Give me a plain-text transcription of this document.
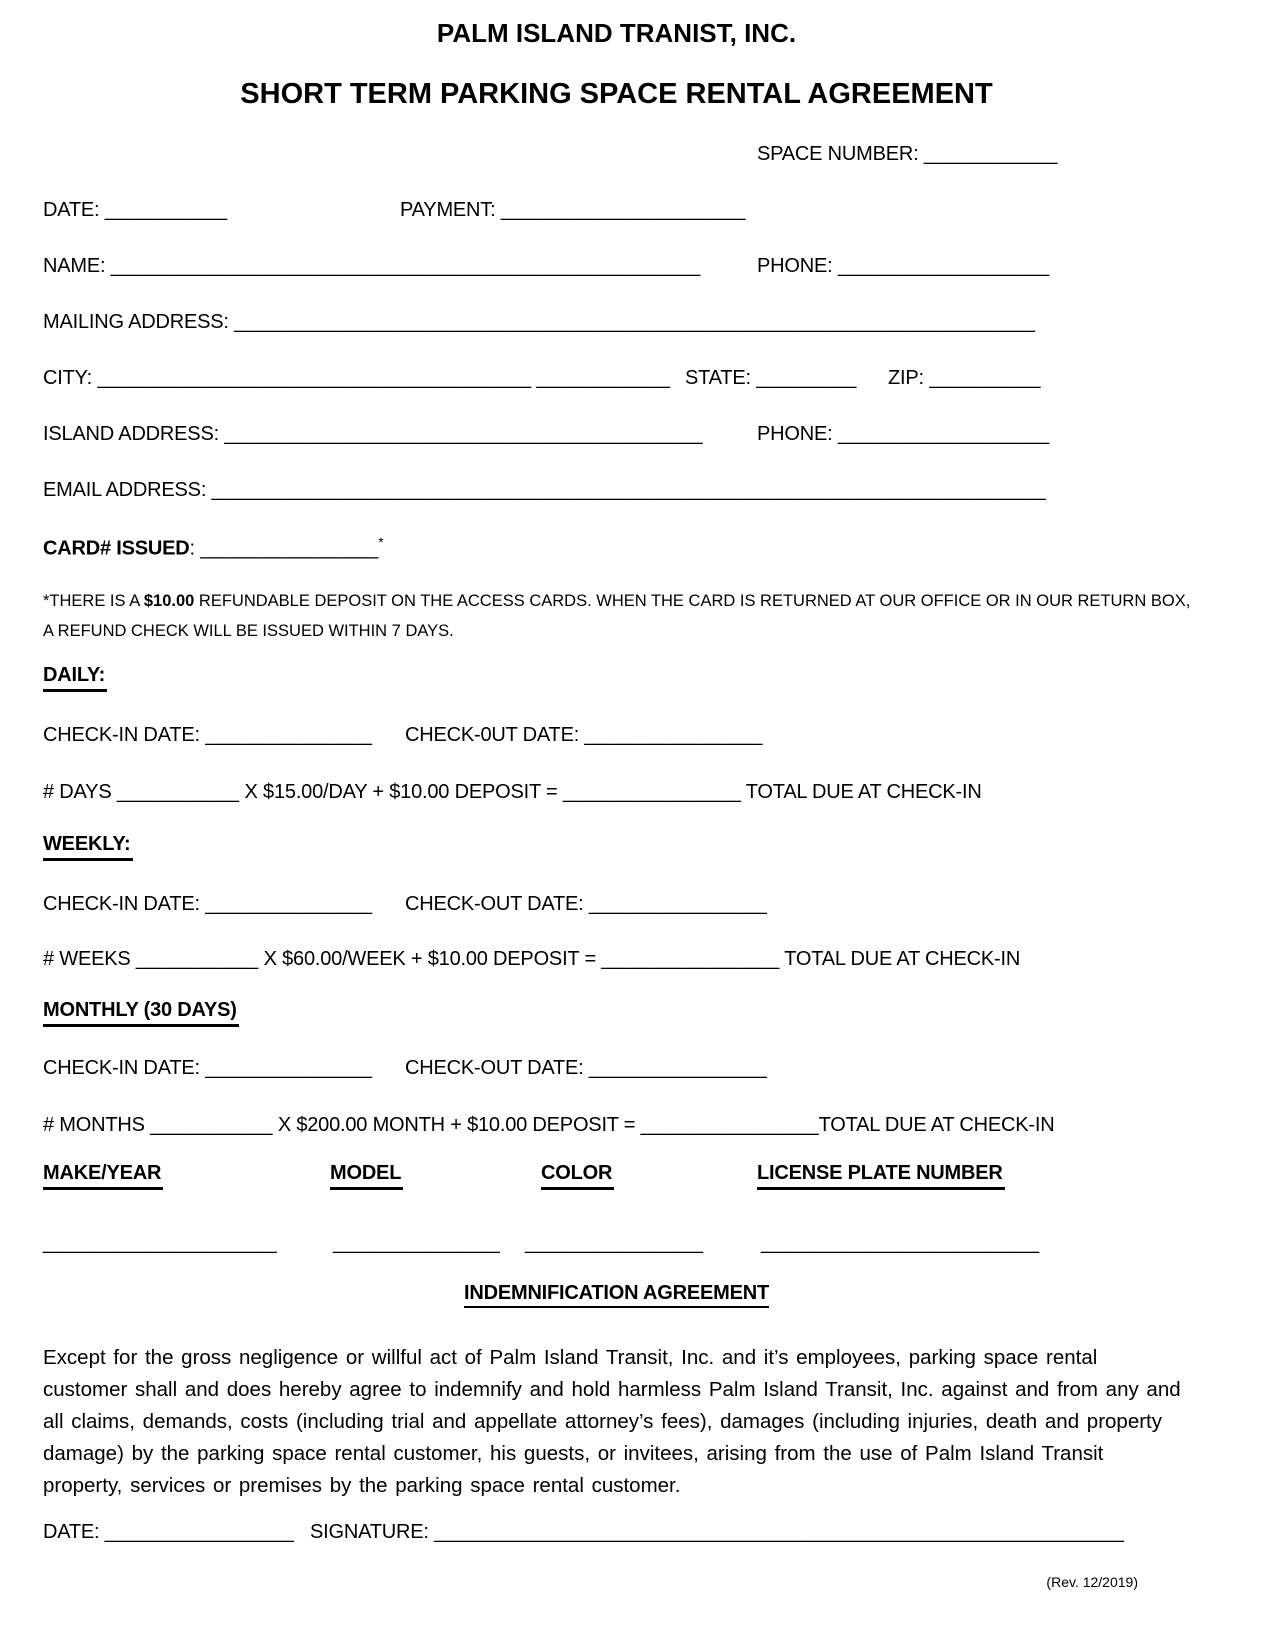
PALM ISLAND TRANIST, INC.
SHORT TERM PARKING SPACE RENTAL AGREEMENT
SPACE NUMBER: ____________
DATE: ___________	PAYMENT: ______________________
NAME: _____________________________________________________	PHONE: ___________________
MAILING ADDRESS: ________________________________________________________________________
CITY: _______________________________________ ____________ STATE: _________ ZIP: __________
ISLAND ADDRESS: ___________________________________________	PHONE: ___________________
EMAIL ADDRESS: ___________________________________________________________________________
CARD# ISSUED: ________________*
*THERE IS A $10.00 REFUNDABLE DEPOSIT ON THE ACCESS CARDS. WHEN THE CARD IS RETURNED AT OUR OFFICE OR IN OUR RETURN BOX, A REFUND CHECK WILL BE ISSUED WITHIN 7 DAYS.
DAILY:
CHECK-IN DATE: _______________ CHECK-0UT DATE: ________________
# DAYS ___________ X $15.00/DAY + $10.00 DEPOSIT = ________________ TOTAL DUE AT CHECK-IN
WEEKLY:
CHECK-IN DATE: _______________ CHECK-OUT DATE: ________________
# WEEKS ___________ X $60.00/WEEK + $10.00 DEPOSIT = ________________ TOTAL DUE AT CHECK-IN
MONTHLY (30 DAYS)
CHECK-IN DATE: _______________ CHECK-OUT DATE: ________________
# MONTHS ___________ X $200.00 MONTH + $10.00 DEPOSIT = ________________TOTAL DUE AT CHECK-IN
MAKE/YEAR	MODEL	COLOR	LICENSE PLATE NUMBER
_____________________	_______________ ________________	_________________________
INDEMNIFICATION AGREEMENT
Except for the gross negligence or willful act of Palm Island Transit, Inc. and it’s employees, parking space rental customer shall and does hereby agree to indemnify and hold harmless Palm Island Transit, Inc. against and from any and all claims, demands, costs (including trial and appellate attorney’s fees), damages (including injuries, death and property damage) by the parking space rental customer, his guests, or invitees, arising from the use of Palm Island Transit property, services or premises by the parking space rental customer.
DATE: _________________ SIGNATURE: ______________________________________________________________
(Rev. 12/2019)
